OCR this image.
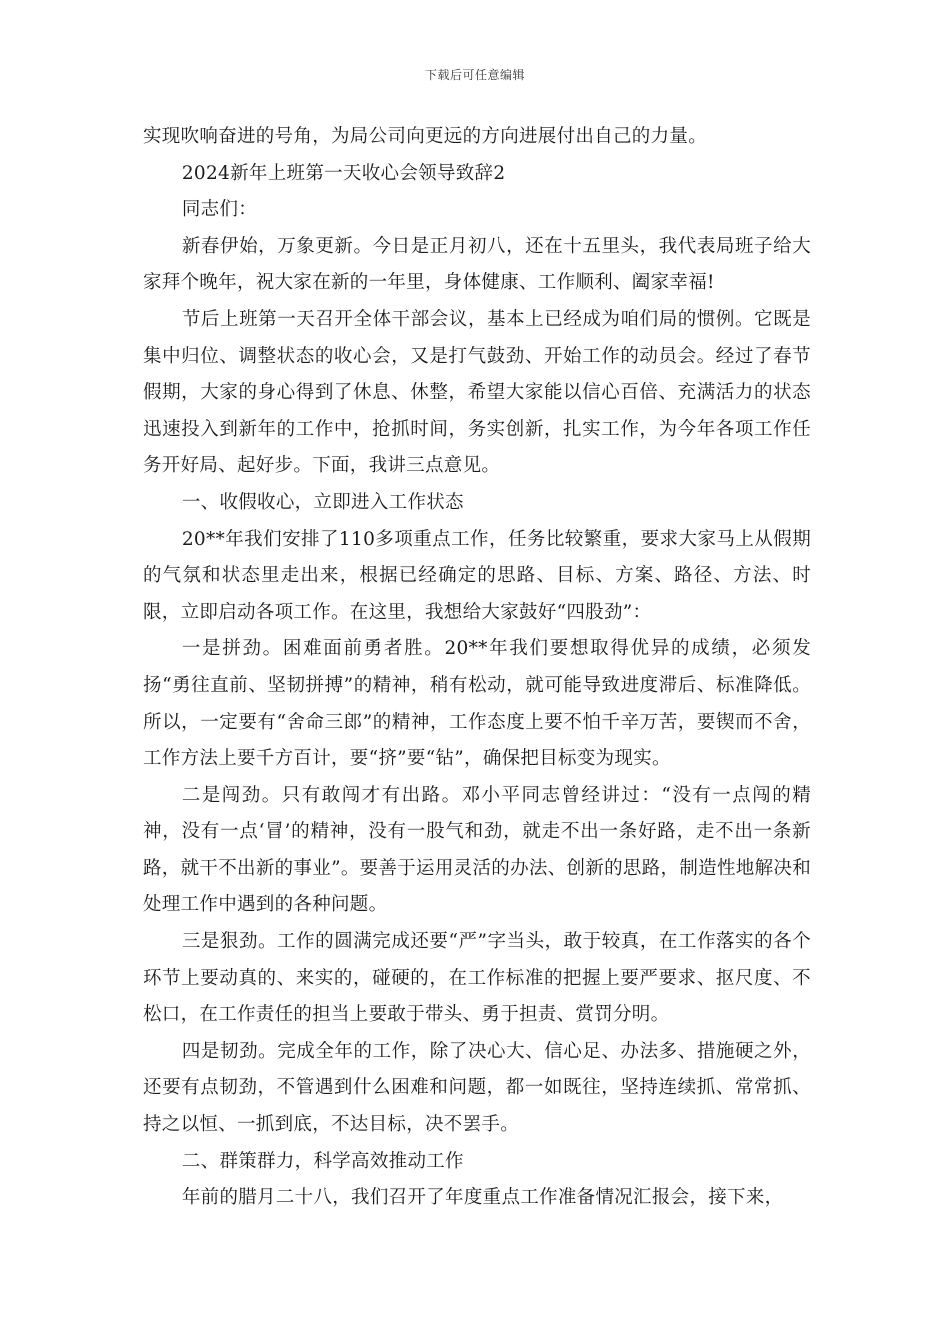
下载后可任意编辑

实现吹响奋进的号角，为局公司向更远的方向进展付出自己的力量。

2024新年上班第一天收心会领导致辞2

同志们：

新春伊始，万象更新。今日是正月初八，还在十五里头，我代表局班子给大家拜个晚年，祝大家在新的一年里，身体健康、工作顺利、阖家幸福!

节后上班第一天召开全体干部会议，基本上已经成为咱们局的惯例。它既是集中归位、调整状态的收心会，又是打气鼓劲、开始工作的动员会。经过了春节假期，大家的身心得到了休息、休整，希望大家能以信心百倍、充满活力的状态迅速投入到新年的工作中，抢抓时间，务实创新，扎实工作，为今年各项工作任务开好局、起好步。下面，我讲三点意见。

一、收假收心，立即进入工作状态

20**年我们安排了110多项重点工作，任务比较繁重，要求大家马上从假期的气氛和状态里走出来，根据已经确定的思路、目标、方案、路径、方法、时限，立即启动各项工作。在这里，我想给大家鼓好“四股劲”：

一是拼劲。困难面前勇者胜。20**年我们要想取得优异的成绩，必须发扬“勇往直前、坚韧拼搏”的精神，稍有松动，就可能导致进度滞后、标准降低。所以，一定要有“舍命三郎”的精神，工作态度上要不怕千辛万苦，要锲而不舍，工作方法上要千方百计，要“挤”要“钻”，确保把目标变为现实。

二是闯劲。只有敢闯才有出路。邓小平同志曾经讲过：“没有一点闯的精神，没有一点‘冒’的精神，没有一股气和劲，就走不出一条好路，走不出一条新路，就干不出新的事业”。要善于运用灵活的办法、创新的思路，制造性地解决和处理工作中遇到的各种问题。

三是狠劲。工作的圆满完成还要“严”字当头，敢于较真，在工作落实的各个环节上要动真的、来实的，碰硬的，在工作标准的把握上要严要求、抠尺度、不松口，在工作责任的担当上要敢于带头、勇于担责、赏罚分明。

四是韧劲。完成全年的工作，除了决心大、信心足、办法多、措施硬之外，还要有点韧劲，不管遇到什么困难和问题，都一如既往，坚持连续抓、常常抓、持之以恒、一抓到底，不达目标，决不罢手。

二、群策群力，科学高效推动工作

年前的腊月二十八，我们召开了年度重点工作准备情况汇报会，接下来，
